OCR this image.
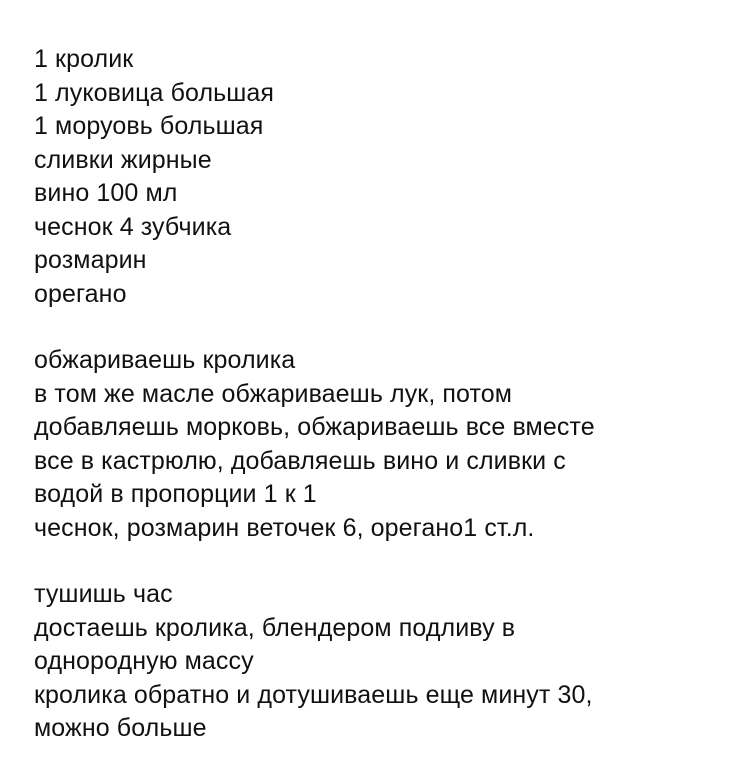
1 кролик
1 луковица большая
1 моруовь большая
сливки жирные
вино 100 мл
чеснок 4 зубчика
розмарин
орегано
обжариваешь кролика
в том же масле обжариваешь лук, потом
добавляешь морковь, обжариваешь все вместе
все в кастрюлю, добавляешь вино и сливки с
водой в пропорции 1 к 1
чеснок, розмарин веточек 6, орегано1 ст.л.
тушишь час
достаешь кролика, блендером подливу в
однородную массу
кролика обратно и дотушиваешь еще минут 30,
можно больше
